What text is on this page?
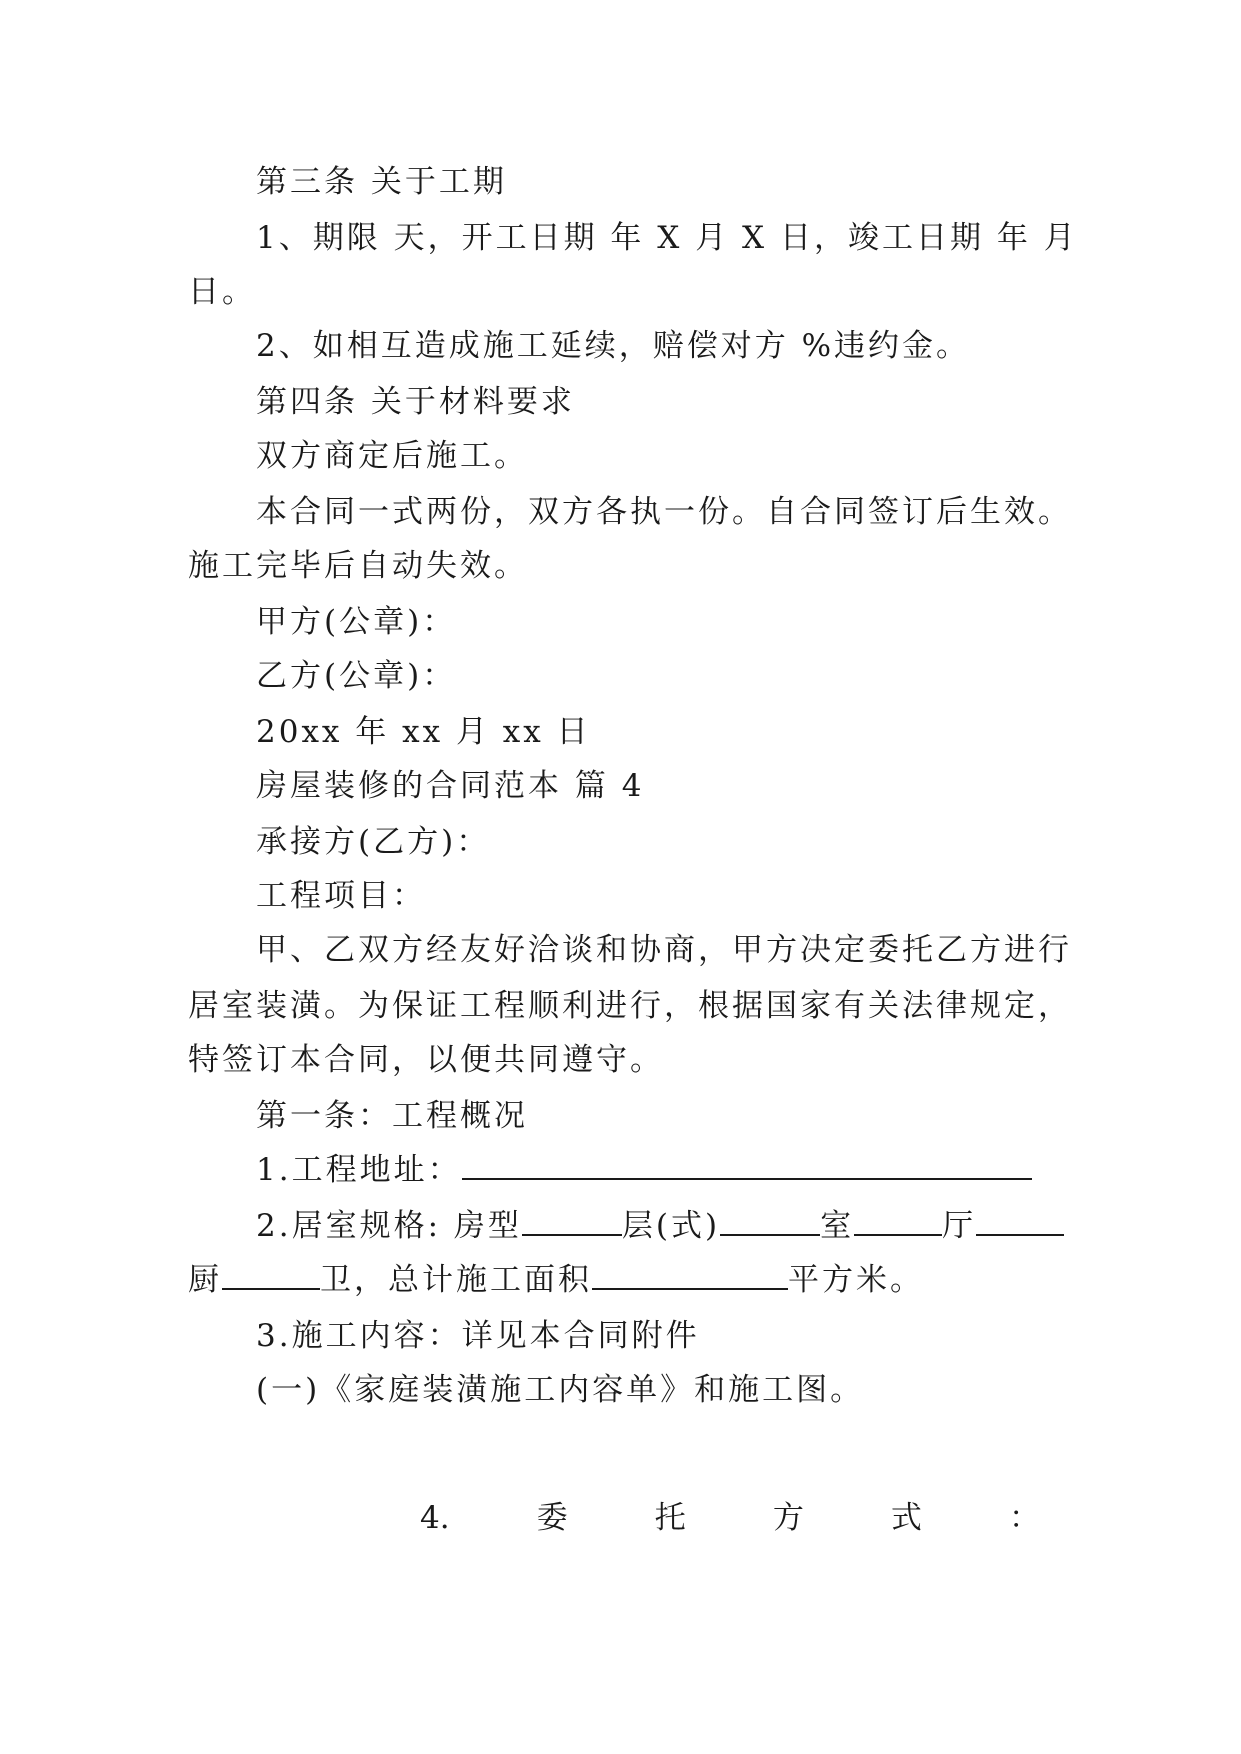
第三条 关于工期
1、期限 天，开工日期 年 X 月 X 日，竣工日期 年 月
日。
2、如相互造成施工延续，赔偿对方 %违约金。
第四条 关于材料要求
双方商定后施工。
本合同一式两份，双方各执一份。自合同签订后生效。
施工完毕后自动失效。
甲方(公章)：
乙方(公章)：
20xx 年 xx 月 xx 日
房屋装修的合同范本 篇 4
承接方(乙方)：
工程项目：
甲、乙双方经友好洽谈和协商，甲方决定委托乙方进行
居室装潢。为保证工程顺利进行，根据国家有关法律规定，
特签订本合同，以便共同遵守。
第一条：工程概况
1.工程地址：
2.居室规格: 房型	层(式)	室	厅
厨	卫，总计施工面积	平方米。
3.施工内容：详见本合同附件
(一)《家庭装潢施工内容单》和施工图。
4.	委	托	方	式	：
